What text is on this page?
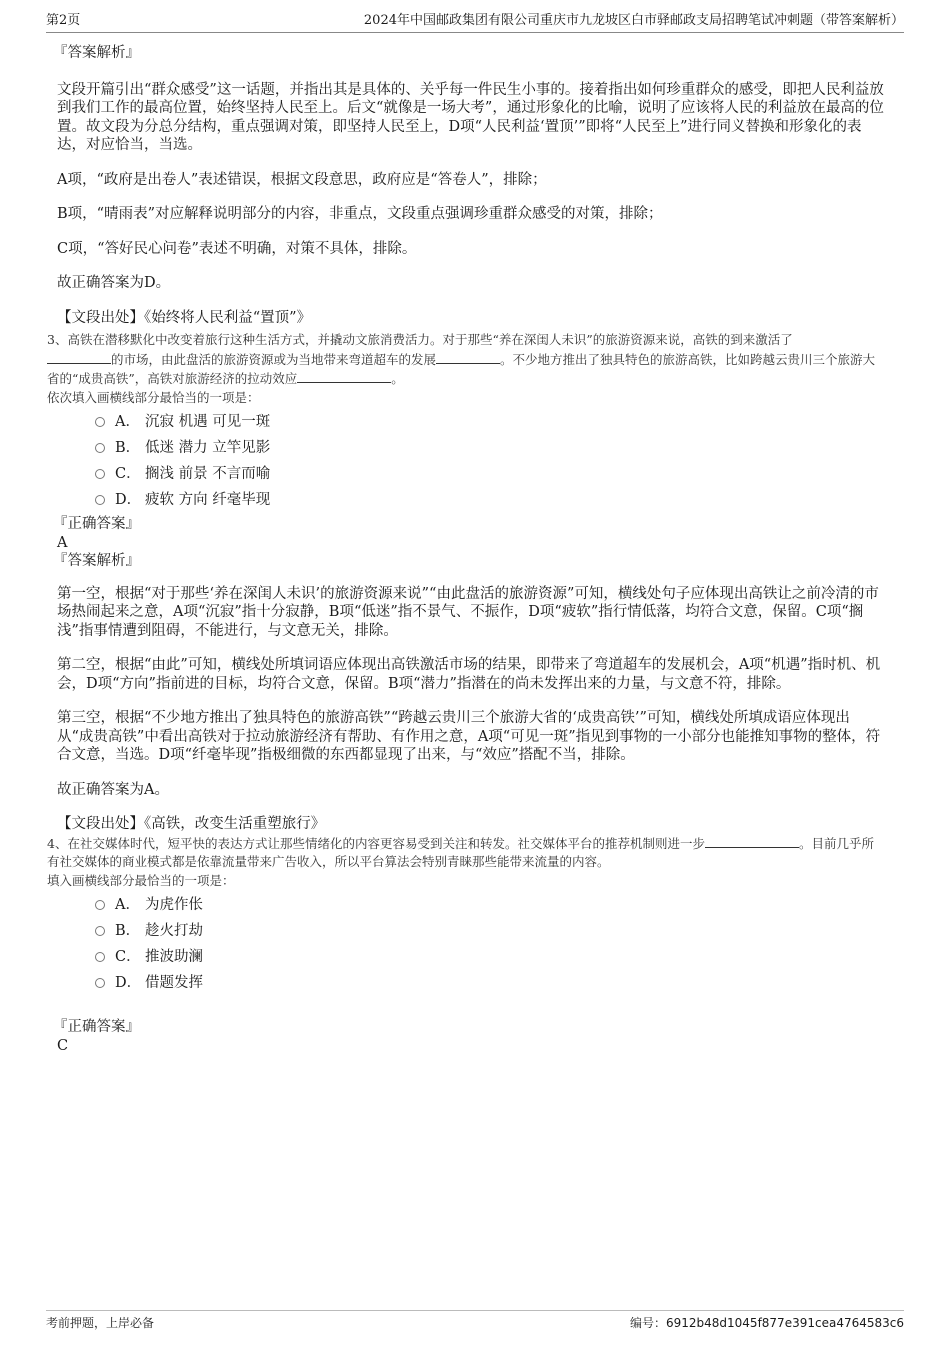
第2页	2024年中国邮政集团有限公司重庆市九龙坡区白市驿邮政支局招聘笔试冲刺题（带答案解析）

『答案解析』

文段开篇引出“群众感受”这一话题，并指出其是具体的、关乎每一件民生小事的。接着指出如何珍重群众的感受，即把人民利益放到我们工作的最高位置，始终坚持人民至上。后文“就像是一场大考”，通过形象化的比喻，说明了应该将人民的利益放在最高的位置。故文段为分总分结构，重点强调对策，即坚持人民至上，D项“人民利益‘置顶’”即将“人民至上”进行同义替换和形象化的表达，对应恰当，当选。

A项，“政府是出卷人”表述错误，根据文段意思，政府应是“答卷人”，排除；

B项，“晴雨表”对应解释说明部分的内容，非重点，文段重点强调珍重群众感受的对策，排除；

C项，“答好民心问卷”表述不明确，对策不具体，排除。

故正确答案为D。

【文段出处】《始终将人民利益“置顶”》

3、高铁在潜移默化中改变着旅行这种生活方式，并撬动文旅消费活力。对于那些“养在深闺人未识”的旅游资源来说，高铁的到来激活了
的市场，由此盘活的旅游资源或为当地带来弯道超车的发展	。不少地方推出了独具特色的旅游高铁，比如跨越云贵川三个旅游大省的“成贵高铁”，高铁对旅游经济的拉动效应	。

依次填入画横线部分最恰当的一项是：

A． 沉寂 机遇 可见一斑
B． 低迷 潜力 立竿见影
C． 搁浅 前景 不言而喻
D． 疲软 方向 纤毫毕现

『正确答案』

A

『答案解析』

第一空，根据“对于那些‘养在深闺人未识’的旅游资源来说”“由此盘活的旅游资源”可知，横线处句子应体现出高铁让之前冷清的市场热闹起来之意，A项“沉寂”指十分寂静，B项“低迷”指不景气、不振作，D项“疲软”指行情低落，均符合文意，保留。C项“搁浅”指事情遭到阻碍，不能进行，与文意无关，排除。

第二空，根据“由此”可知，横线处所填词语应体现出高铁激活市场的结果，即带来了弯道超车的发展机会，A项“机遇”指时机、机会，D项“方向”指前进的目标，均符合文意，保留。B项“潜力”指潜在的尚未发挥出来的力量，与文意不符，排除。

第三空，根据“不少地方推出了独具特色的旅游高铁”“跨越云贵川三个旅游大省的‘成贵高铁’”可知，横线处所填成语应体现出从“成贵高铁”中看出高铁对于拉动旅游经济有帮助、有作用之意，A项“可见一斑”指见到事物的一小部分也能推知事物的整体，符合文意，当选。D项“纤毫毕现”指极细微的东西都显现了出来，与“效应”搭配不当，排除。

故正确答案为A。

【文段出处】《高铁，改变生活重塑旅行》

4、在社交媒体时代，短平快的表达方式让那些情绪化的内容更容易受到关注和转发。社交媒体平台的推荐机制则进一步	。目前几乎所有社交媒体的商业模式都是依靠流量带来广告收入，所以平台算法会特别青睐那些能带来流量的内容。

填入画横线部分最恰当的一项是：

A． 为虎作伥
B． 趁火打劫
C． 推波助澜
D． 借题发挥

『正确答案』

C

考前押题，上岸必备	编号：6912b48d1045f877e391cea4764583c6
